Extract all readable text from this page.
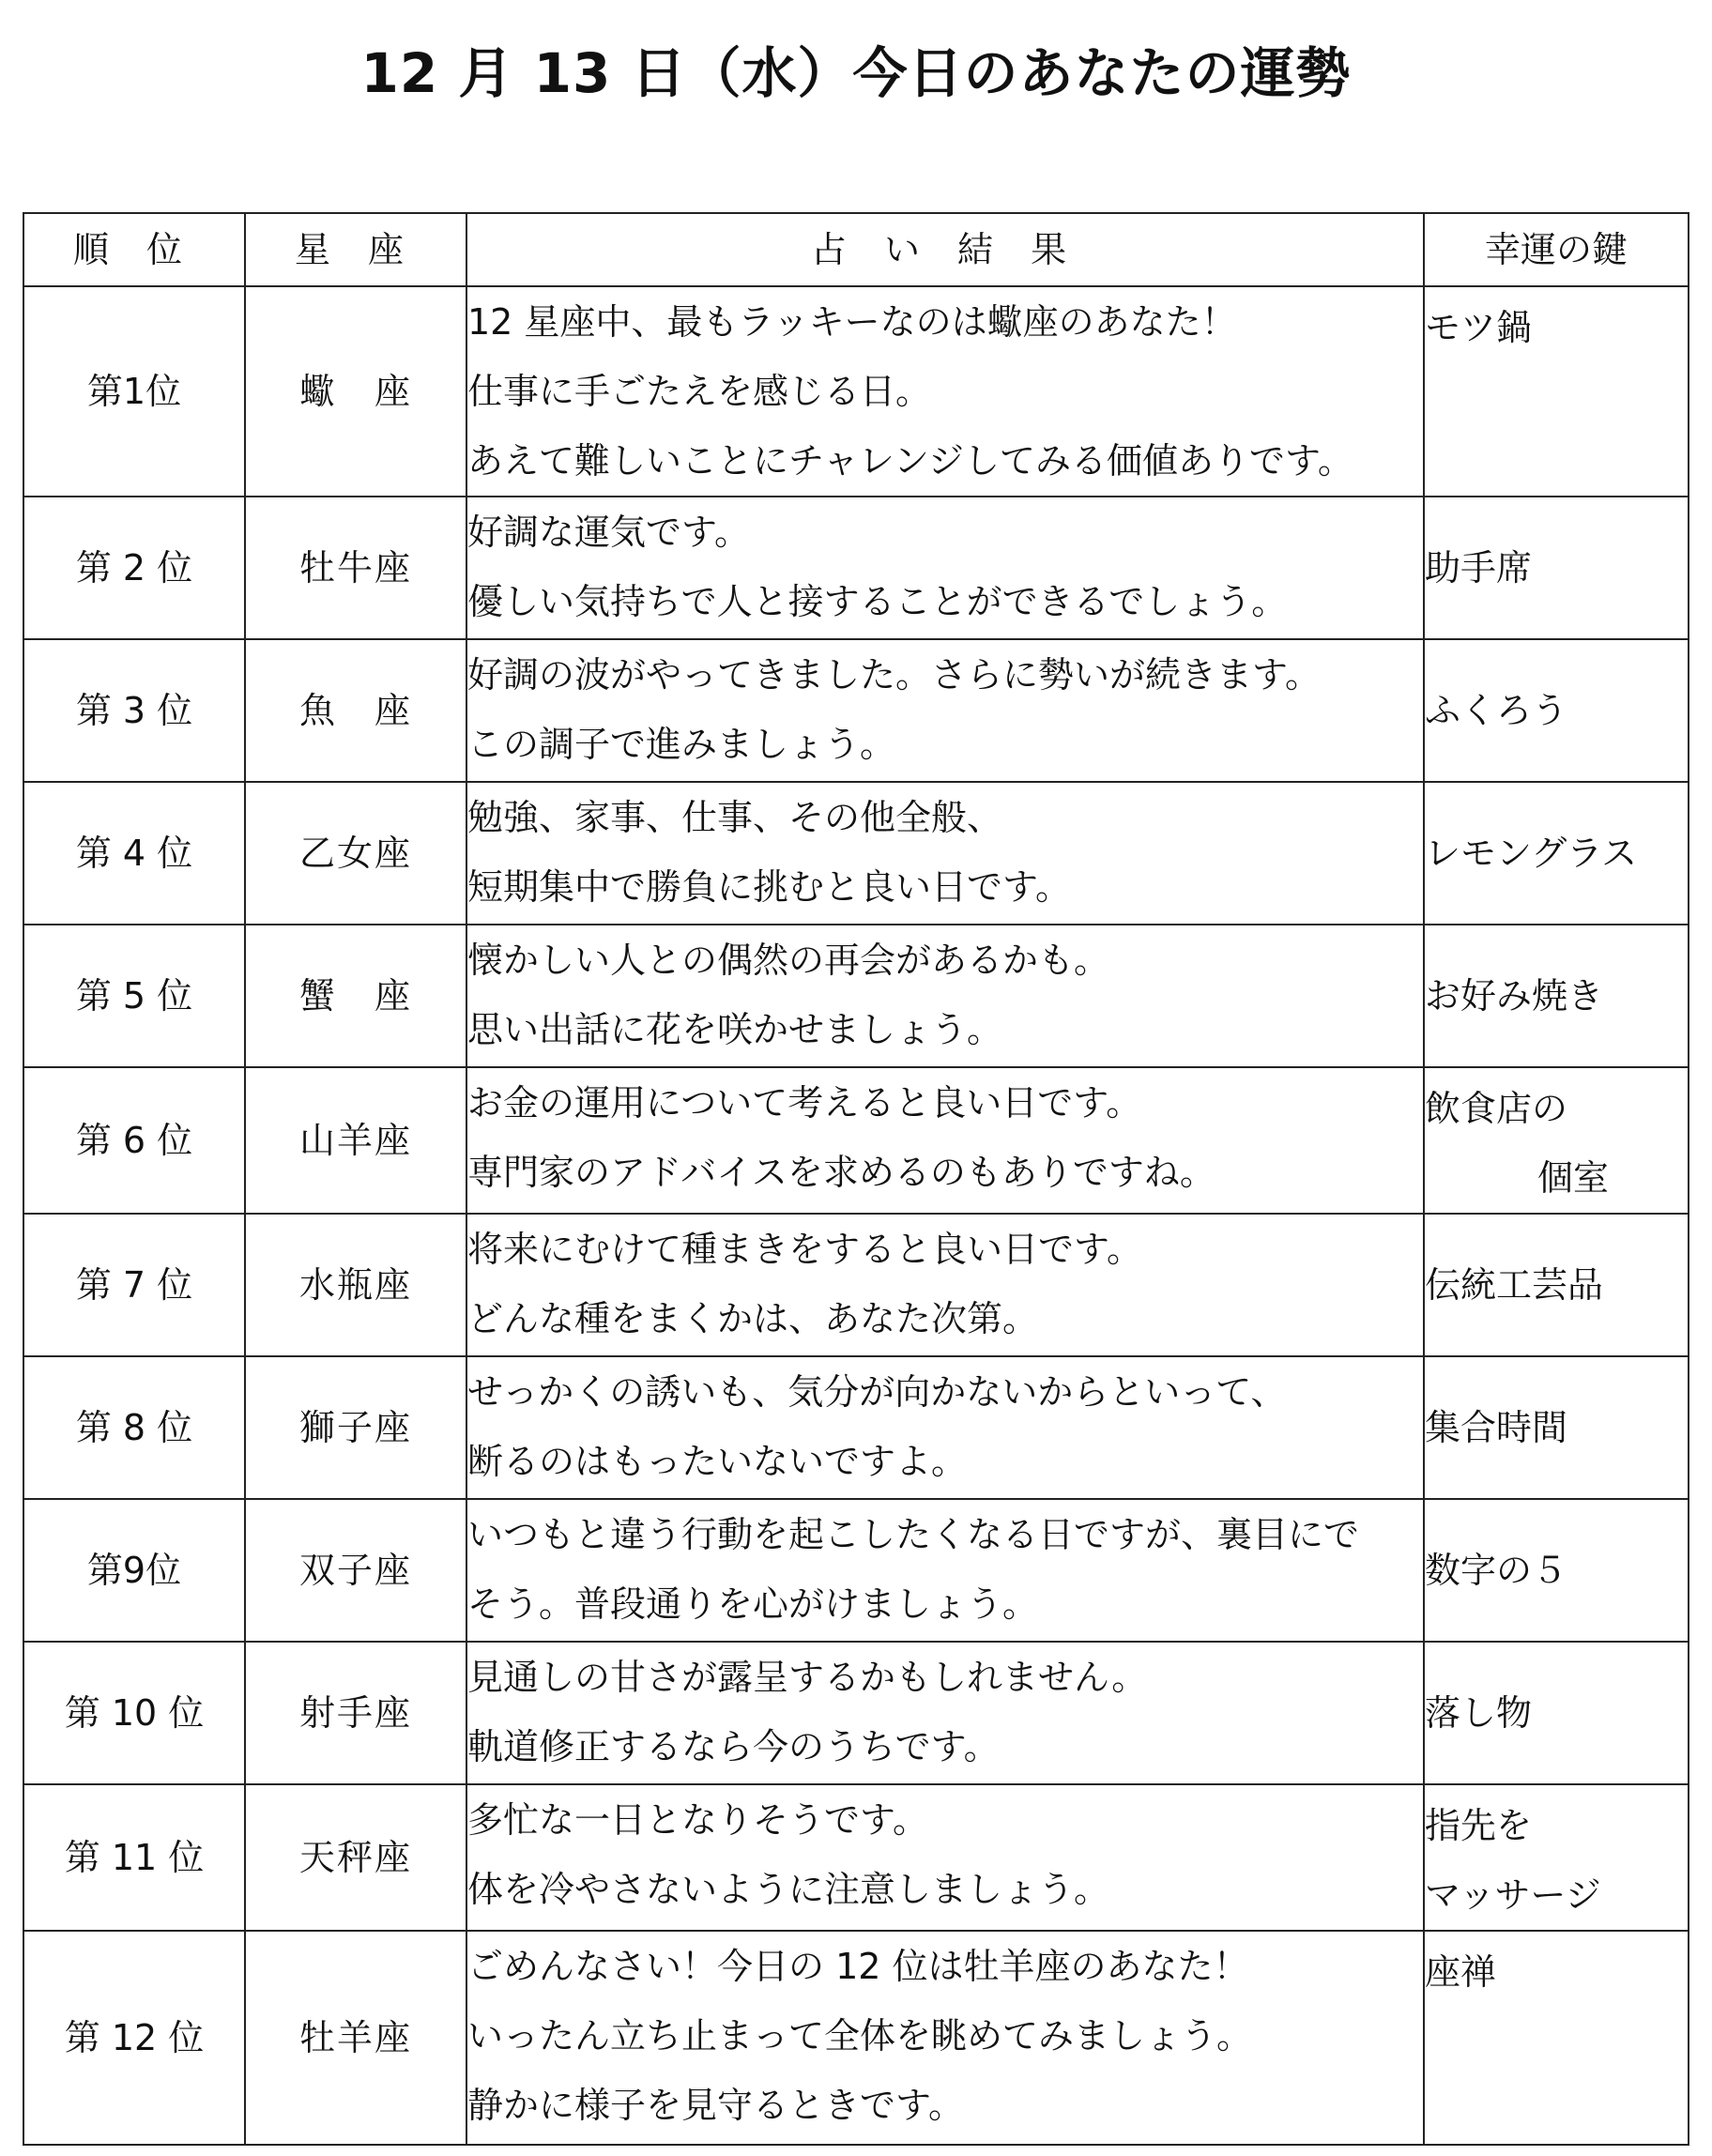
12 月 13 日（水）今日のあなたの運勢
順 位	星 座	占 い 結 果	幸運の鍵
第1位	蠍　座	12 星座中、最もラッキーなのは蠍座のあなた！
仕事に手ごたえを感じる日。
あえて難しいことにチャレンジしてみる価値ありです。	モツ鍋

第 2 位	牡牛座	好調な運気です。
優しい気持ちで人と接することができるでしょう。	助手席

第 3 位	魚　座	好調の波がやってきました。さらに勢いが続きます。
この調子で進みましょう。	ふくろう

第 4 位	乙女座	勉強、家事、仕事、その他全般、
短期集中で勝負に挑むと良い日です。	レモングラス

第 5 位	蟹　座	懐かしい人との偶然の再会があるかも。
思い出話に花を咲かせましょう。	お好み焼き

第 6 位	山羊座	お金の運用について考えると良い日です。
専門家のアドバイスを求めるのもありですね。	飲食店の
個室

第 7 位	水瓶座	将来にむけて種まきをすると良い日です。
どんな種をまくかは、あなた次第。	伝統工芸品

第 8 位	獅子座	せっかくの誘いも、気分が向かないからといって、
断るのはもったいないですよ。	集合時間

第9位	双子座	いつもと違う行動を起こしたくなる日ですが、裏目にで
そう。普段通りを心がけましょう。	数字の５

第 10 位	射手座	見通しの甘さが露呈するかもしれません。
軌道修正するなら今のうちです。	落し物

第 11 位	天秤座	多忙な一日となりそうです。
体を冷やさないように注意しましょう。	指先を
マッサージ

第 12 位	牡羊座	ごめんなさい！今日の 12 位は牡羊座のあなた！
いったん立ち止まって全体を眺めてみましょう。
静かに様子を見守るときです。	座禅
